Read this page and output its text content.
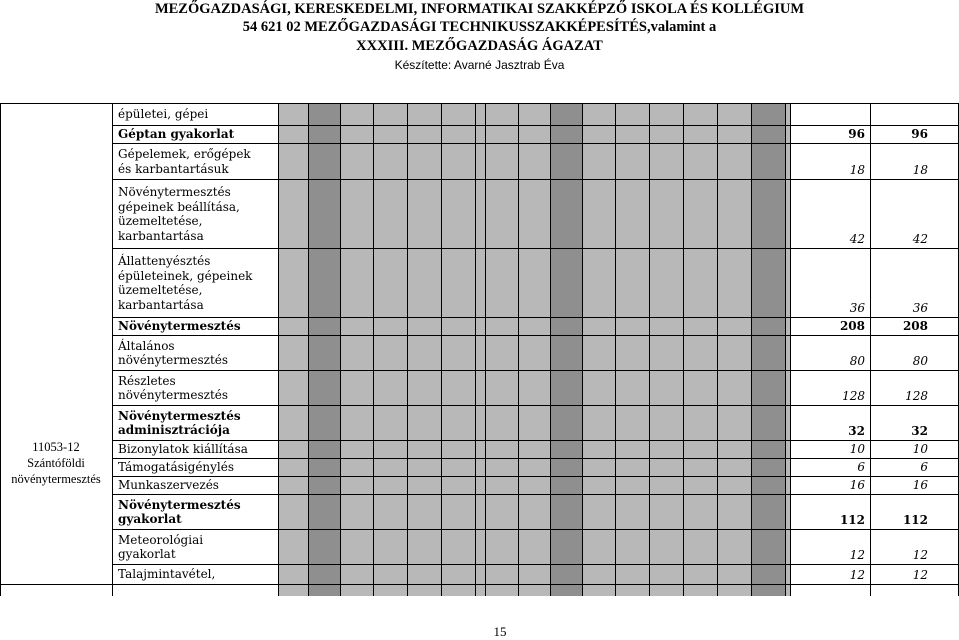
MEZŐGAZDASÁGI, KERESKEDELMI, INFORMATIKAI SZAKKÉPZŐ ISKOLA ÉS KOLLÉGIUM
54 621 02 MEZŐGAZDASÁGI TECHNIKUSSZAKKÉPESÍTÉS,valamint a
XXXIII. MEZŐGAZDASÁG ÁGAZAT
Készítette: Avarné Jasztrab Éva
11053-12
Szántóföldi
növénytermesztés
épületei, gépei
Géptan gyakorlat	96	96
Gépelemek, erőgépek
és karbantartásuk	18	18
Növénytermesztés
gépeinek beállítása,
üzemeltetése,
karbantartása	42	42
Állattenyésztés
épületeinek, gépeinek
üzemeltetése,
karbantartása	36	36
Növénytermesztés	208	208
Általános
növénytermesztés	80	80
Részletes
növénytermesztés	128	128
Növénytermesztés
adminisztrációja	32	32
Bizonylatok kiállítása	10	10
Támogatásigénylés	6	6
Munkaszervezés	16	16
Növénytermesztés
gyakorlat	112	112
Meteorológiai
gyakorlat	12	12
Talajmintavétel,	12	12
15
